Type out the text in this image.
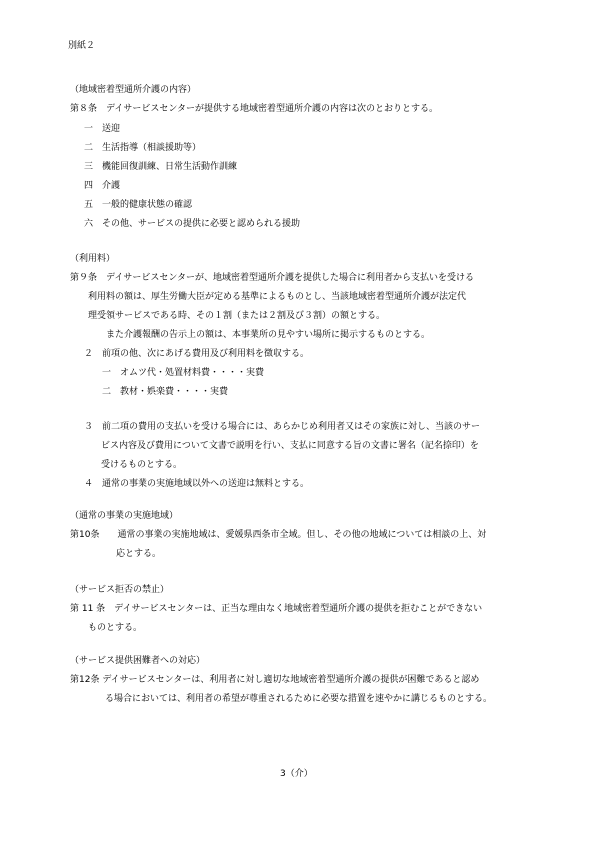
別紙２
（地域密着型通所介護の内容）
第８条　デイサービスセンターが提供する地域密着型通所介護の内容は次のとおりとする。
一　送迎
二　生活指導（相談援助等）
三　機能回復訓練、日常生活動作訓練
四　介護
五　一般的健康状態の確認
六　その他、サービスの提供に必要と認められる援助
（利用料）
第９条　デイサービスセンターが、地域密着型通所介護を提供した場合に利用者から支払いを受ける
利用料の額は、厚生労働大臣が定める基準によるものとし、当該地域密着型通所介護が法定代
理受領サービスである時、その１割（または２割及び３割）の額とする。
また介護報酬の告示上の額は、本事業所の見やすい場所に掲示するものとする。
２　前項の他、次にあげる費用及び利用料を徴収する。
一　オムツ代・処置材料費・・・・実費
二　教材・娯楽費・・・・実費
３　前二項の費用の支払いを受ける場合には、あらかじめ利用者又はその家族に対し、当該のサー
ビス内容及び費用について文書で説明を行い、支払に同意する旨の文書に署名（記名捺印）を
受けるものとする。
４　通常の事業の実施地域以外への送迎は無料とする。
（通常の事業の実施地域）
第10条　　通常の事業の実施地域は、愛媛県西条市全域。但し、その他の地域については相談の上、対
応とする。
（サービス拒否の禁止）
第 11 条　デイサービスセンターは、正当な理由なく地域密着型通所介護の提供を拒むことができない
ものとする。
（サービス提供困難者への対応）
第12条 デイサービスセンターは、利用者に対し適切な地域密着型通所介護の提供が困難であると認め
る場合においては、利用者の希望が尊重されるために必要な措置を速やかに講じるものとする。
3（介）
